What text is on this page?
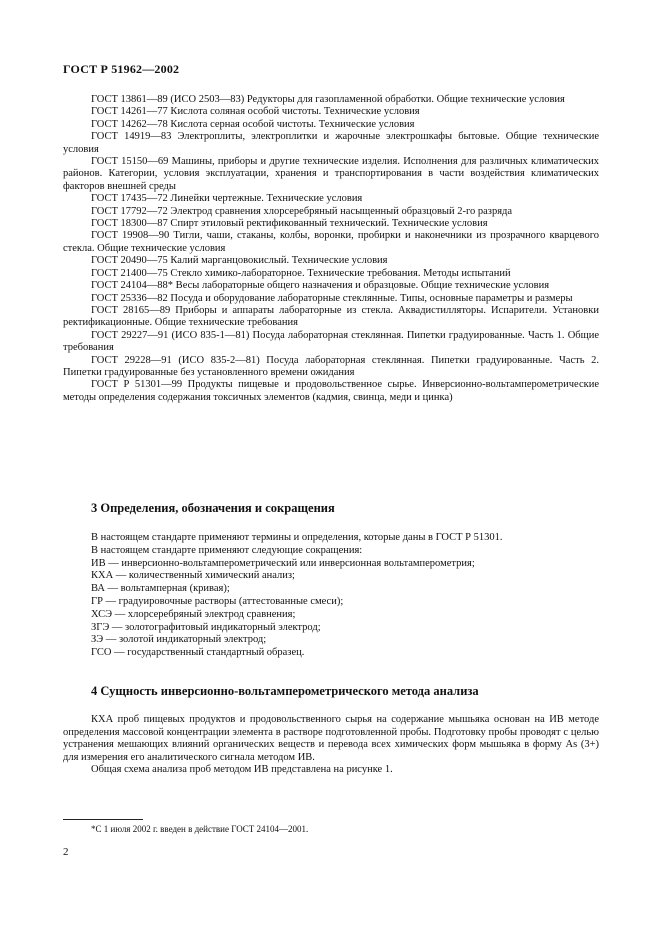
ГОСТ Р 51962—2002

ГОСТ 13861—89 (ИСО 2503—83) Редукторы для газопламенной обработки. Общие технические условия

ГОСТ 14261—77 Кислота соляная особой чистоты. Технические условия

ГОСТ 14262—78 Кислота серная особой чистоты. Технические условия

ГОСТ 14919—83 Электроплиты, электроплитки и жарочные электрошкафы бытовые. Общие технические условия

ГОСТ 15150—69 Машины, приборы и другие технические изделия. Исполнения для различных климатических районов. Категории, условия эксплуатации, хранения и транспортирования в части воздействия климатических факторов внешней среды

ГОСТ 17435—72 Линейки чертежные. Технические условия

ГОСТ 17792—72 Электрод сравнения хлорсеребряный насыщенный образцовый 2-го разряда

ГОСТ 18300—87 Спирт этиловый ректификованный технический. Технические условия

ГОСТ 19908—90 Тигли, чаши, стаканы, колбы, воронки, пробирки и наконечники из прозрачного кварцевого стекла. Общие технические условия

ГОСТ 20490—75 Калий марганцовокислый. Технические условия

ГОСТ 21400—75 Стекло химико-лабораторное. Технические требования. Методы испытаний

ГОСТ 24104—88* Весы лабораторные общего назначения и образцовые. Общие технические условия

ГОСТ 25336—82 Посуда и оборудование лабораторные стеклянные. Типы, основные параметры и размеры

ГОСТ 28165—89 Приборы и аппараты лабораторные из стекла. Аквадистилляторы. Испарители. Установки ректификационные. Общие технические требования

ГОСТ 29227—91 (ИСО 835-1—81) Посуда лабораторная стеклянная. Пипетки градуированные. Часть 1. Общие требования

ГОСТ 29228—91 (ИСО 835-2—81) Посуда лабораторная стеклянная. Пипетки градуированные. Часть 2. Пипетки градуированные без установленного времени ожидания

ГОСТ Р 51301—99 Продукты пищевые и продовольственное сырье. Инверсионно-вольтамперометрические методы определения содержания токсичных элементов (кадмия, свинца, меди и цинка)

3 Определения, обозначения и сокращения

В настоящем стандарте применяют термины и определения, которые даны в ГОСТ Р 51301.

В настоящем стандарте применяют следующие сокращения:

ИВ — инверсионно-вольтамперометрический или инверсионная вольтамперометрия;

КХА — количественный химический анализ;

ВА — вольтамперная (кривая);

ГР — градуировочные растворы (аттестованные смеси);

ХСЭ — хлорсеребряный электрод сравнения;

ЗГЭ — золотографитовый индикаторный электрод;

ЗЭ — золотой индикаторный электрод;

ГСО — государственный стандартный образец.

4 Сущность инверсионно-вольтамперометрического метода анализа

КХА проб пищевых продуктов и продовольственного сырья на содержание мышьяка основан на ИВ методе определения массовой концентрации элемента в растворе подготовленной пробы. Подготовку пробы проводят с целью устранения мешающих влияний органических веществ и перевода всех химических форм мышьяка в форму As (3+) для измерения его аналитического сигнала методом ИВ.

Общая схема анализа проб методом ИВ представлена на рисунке 1.

*С 1 июля 2002 г. введен в действие ГОСТ 24104—2001.
2
